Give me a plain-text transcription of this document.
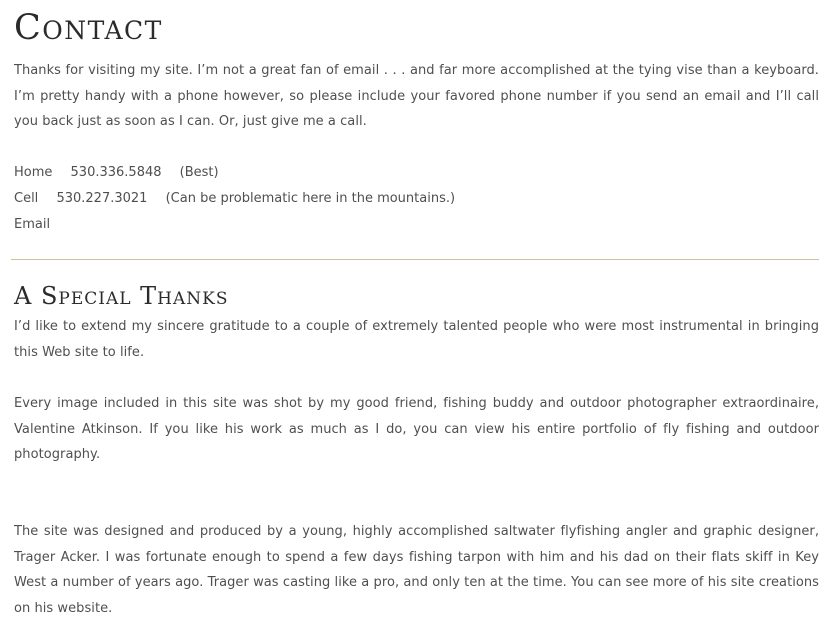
Contact

Thanks for visiting my site. I’m not a great fan of email . . . and far more accomplished at the tying vise than a keyboard. I’m pretty handy with a phone however, so please include your favored phone number if you send an email and I’ll call you back just as soon as I can. Or, just give me a call.

Home 530.336.5848 (Best)
Cell 530.227.3021 (Can be problematic here in the mountains.)
Email
A Special Thanks

I’d like to extend my sincere gratitude to a couple of extremely talented people who were most instrumental in bringing this Web site to life.

Every image included in this site was shot by my good friend, fishing buddy and outdoor photographer extraordinaire, Valentine Atkinson. If you like his work as much as I do, you can view his entire portfolio of fly fishing and outdoor photography.

The site was designed and produced by a young, highly accomplished saltwater flyfishing angler and graphic designer, Trager Acker. I was fortunate enough to spend a few days fishing tarpon with him and his dad on their flats skiff in Key West a number of years ago. Trager was casting like a pro, and only ten at the time. You can see more of his site creations on his website.
